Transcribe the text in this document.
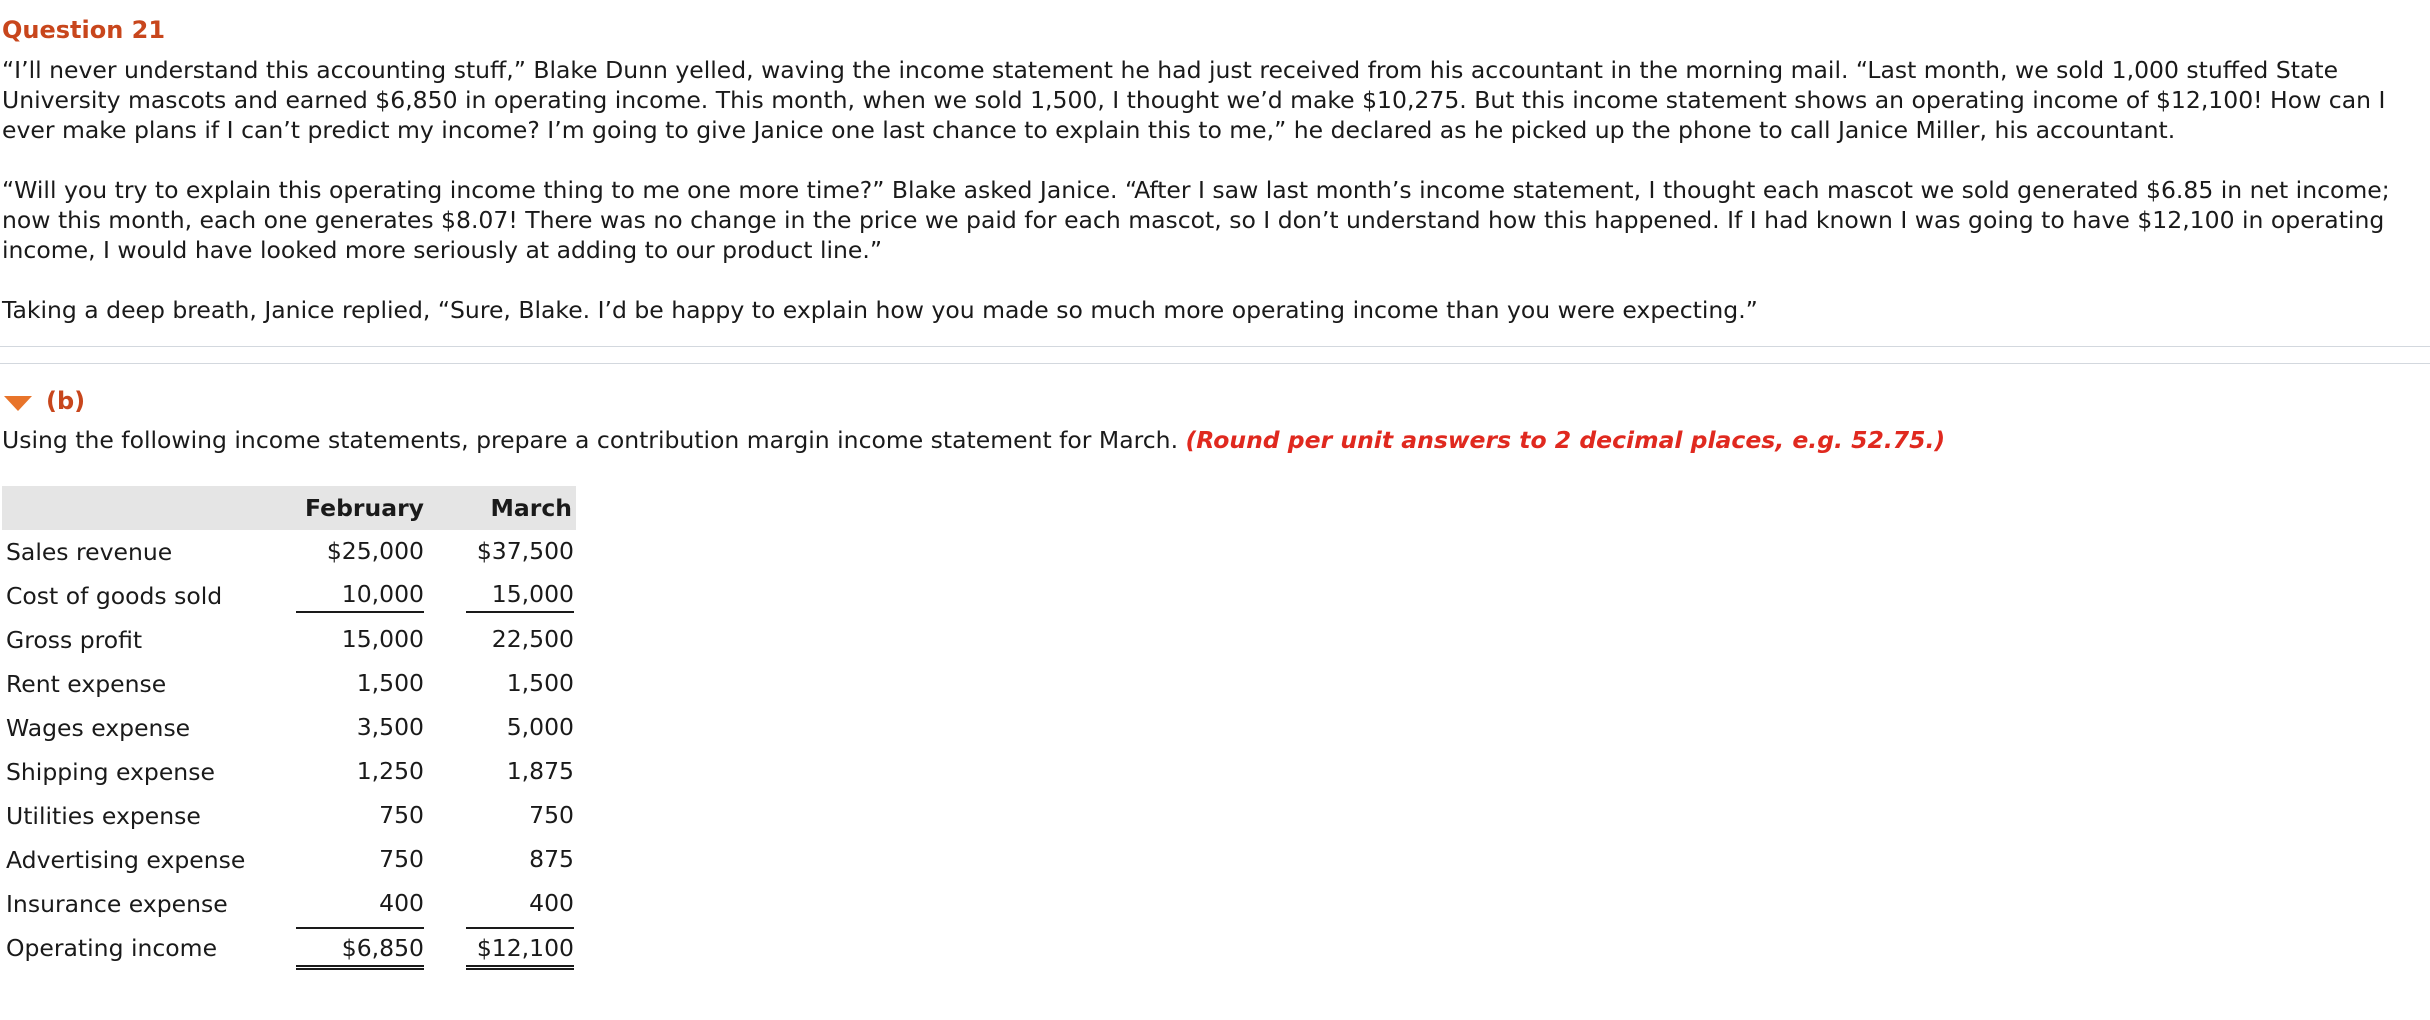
Question 21

“I’ll never understand this accounting stuff,” Blake Dunn yelled, waving the income statement he had just received from his accountant in the morning mail. “Last month, we sold 1,000 stuffed State University mascots and earned $6,850 in operating income. This month, when we sold 1,500, I thought we’d make $10,275. But this income statement shows an operating income of $12,100! How can I ever make plans if I can’t predict my income? I’m going to give Janice one last chance to explain this to me,” he declared as he picked up the phone to call Janice Miller, his accountant.

“Will you try to explain this operating income thing to me one more time?” Blake asked Janice. “After I saw last month’s income statement, I thought each mascot we sold generated $6.85 in net income; now this month, each one generates $8.07! There was no change in the price we paid for each mascot, so I don’t understand how this happened. If I had known I was going to have $12,100 in operating income, I would have looked more seriously at adding to our product line.”

Taking a deep breath, Janice replied, “Sure, Blake. I’d be happy to explain how you made so much more operating income than you were expecting.”

(b)

Using the following income statements, prepare a contribution margin income statement for March. (Round per unit answers to 2 decimal places, e.g. 52.75.)

	February	March
Sales revenue	$25,000	$37,500
Cost of goods sold	10,000	15,000
Gross profit	15,000	22,500
Rent expense	1,500	1,500
Wages expense	3,500	5,000
Shipping expense	1,250	1,875
Utilities expense	750	750
Advertising expense	750	875
Insurance expense	400	400
Operating income	$6,850	$12,100
